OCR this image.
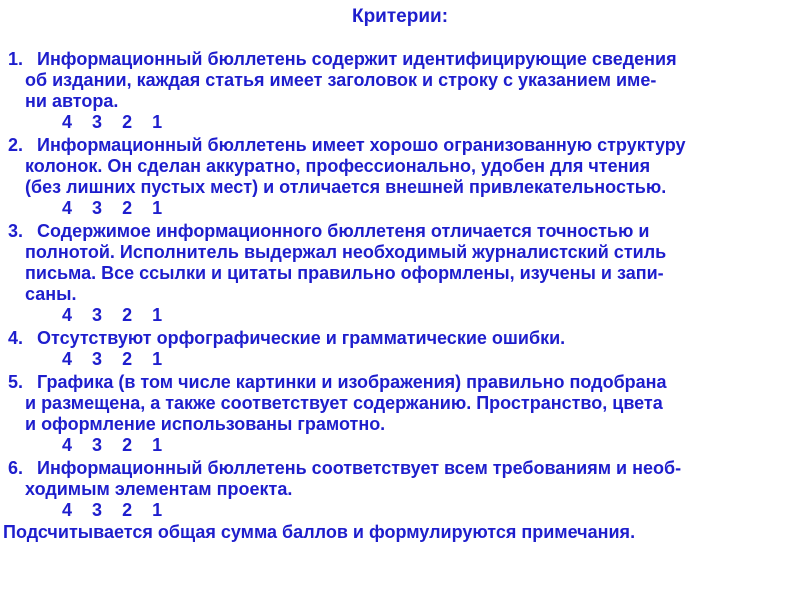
Критерии:
1. Информационный бюллетень содержит идентифицирующие сведения
об издании, каждая статья имеет заголовок и строку с указанием име-
ни автора.
4 3 2 1
2. Информационный бюллетень имеет хорошо огранизованную структуру
колонок. Он сделан аккуратно, профессионально, удобен для чтения
(без лишних пустых мест) и отличается внешней привлекательностью.
4 3 2 1
3. Содержимое информационного бюллетеня отличается точностью и
полнотой. Исполнитель выдержал необходимый журналистский стиль
письма. Все ссылки и цитаты правильно оформлены, изучены и запи-
саны.
4 3 2 1
4. Отсутствуют орфографические и грамматические ошибки.
4 3 2 1
5. Графика (в том числе картинки и изображения) правильно подобрана
и размещена, а также соответствует содержанию. Пространство, цвета
и оформление использованы грамотно.
4 3 2 1
6. Информационный бюллетень соответствует всем требованиям и необ-
ходимым элементам проекта.
4 3 2 1
Подсчитывается общая сумма баллов и формулируются примечания.
